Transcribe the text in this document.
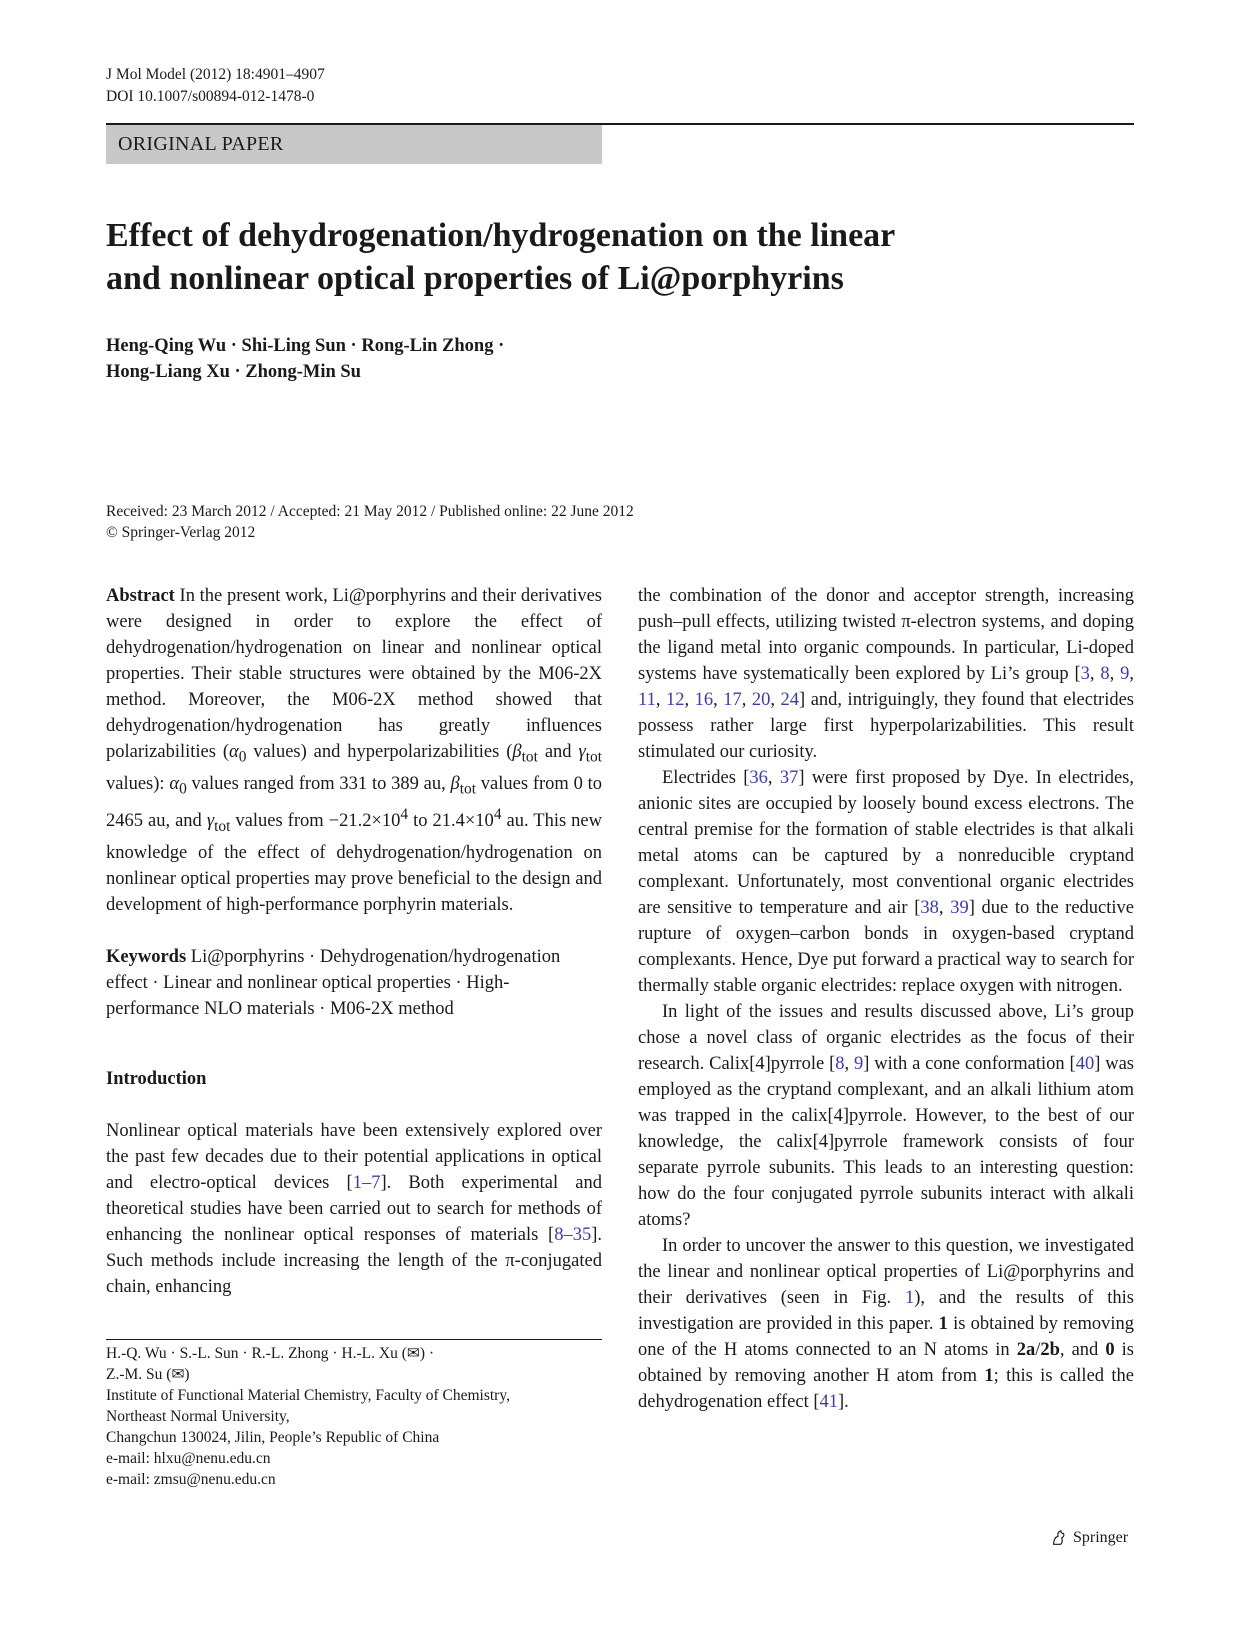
J Mol Model (2012) 18:4901–4907
DOI 10.1007/s00894-012-1478-0
ORIGINAL PAPER
Effect of dehydrogenation/hydrogenation on the linear
and nonlinear optical properties of Li@porphyrins
Heng-Qing Wu · Shi-Ling Sun · Rong-Lin Zhong ·
Hong-Liang Xu · Zhong-Min Su
Received: 23 March 2012 / Accepted: 21 May 2012 / Published online: 22 June 2012
© Springer-Verlag 2012

Abstract In the present work, Li@porphyrins and their derivatives were designed in order to explore the effect of dehydrogenation/hydrogenation on linear and nonlinear optical properties. Their stable structures were obtained by the M06-2X method. Moreover, the M06-2X method showed that dehydrogenation/hydrogenation has greatly influences polarizabilities ($\alpha_0$ values) and hyperpolarizabilities ($\beta_{tot}$ and $\gamma_{tot}$ values): $\alpha_0$ values ranged from 331 to 389 au, $\beta_{tot}$ values from 0 to 2465 au, and $\gamma_{tot}$ values from $-21.2\times 10^4$ to $21.4\times 10^4$ au. This new knowledge of the effect of dehydrogenation/hydrogenation on nonlinear optical properties may prove beneficial to the design and development of high-performance porphyrin materials.

Keywords Li@porphyrins · Dehydrogenation/hydrogenation effect · Linear and nonlinear optical properties · High-performance NLO materials · M06-2X method

Introduction

Nonlinear optical materials have been extensively explored over the past few decades due to their potential applications in optical and electro-optical devices [1–7]. Both experimental and theoretical studies have been carried out to search for methods of enhancing the nonlinear optical responses of materials [8–35]. Such methods include increasing the length of the π-conjugated chain, enhancing

H.-Q. Wu · S.-L. Sun · R.-L. Zhong · H.-L. Xu (✉) ·
Z.-M. Su (✉)
Institute of Functional Material Chemistry, Faculty of Chemistry,
Northeast Normal University,
Changchun 130024, Jilin, People’s Republic of China
e-mail: hlxu@nenu.edu.cn
e-mail: zmsu@nenu.edu.cn

the combination of the donor and acceptor strength, increasing push–pull effects, utilizing twisted π-electron systems, and doping the ligand metal into organic compounds. In particular, Li-doped systems have systematically been explored by Li’s group [3, 8, 9, 11, 12, 16, 17, 20, 24] and, intriguingly, they found that electrides possess rather large first hyperpolarizabilities. This result stimulated our curiosity.

Electrides [36, 37] were first proposed by Dye. In electrides, anionic sites are occupied by loosely bound excess electrons. The central premise for the formation of stable electrides is that alkali metal atoms can be captured by a nonreducible cryptand complexant. Unfortunately, most conventional organic electrides are sensitive to temperature and air [38, 39] due to the reductive rupture of oxygen–carbon bonds in oxygen-based cryptand complexants. Hence, Dye put forward a practical way to search for thermally stable organic electrides: replace oxygen with nitrogen.

In light of the issues and results discussed above, Li’s group chose a novel class of organic electrides as the focus of their research. Calix[4]pyrrole [8, 9] with a cone conformation [40] was employed as the cryptand complexant, and an alkali lithium atom was trapped in the calix[4]pyrrole. However, to the best of our knowledge, the calix[4]pyrrole framework consists of four separate pyrrole subunits. This leads to an interesting question: how do the four conjugated pyrrole subunits interact with alkali atoms?

In order to uncover the answer to this question, we investigated the linear and nonlinear optical properties of Li@porphyrins and their derivatives (seen in Fig. 1), and the results of this investigation are provided in this paper. 1 is obtained by removing one of the H atoms connected to an N atoms in 2a/2b, and 0 is obtained by removing another H atom from 1; this is called the dehydrogenation effect [41].

Springer
